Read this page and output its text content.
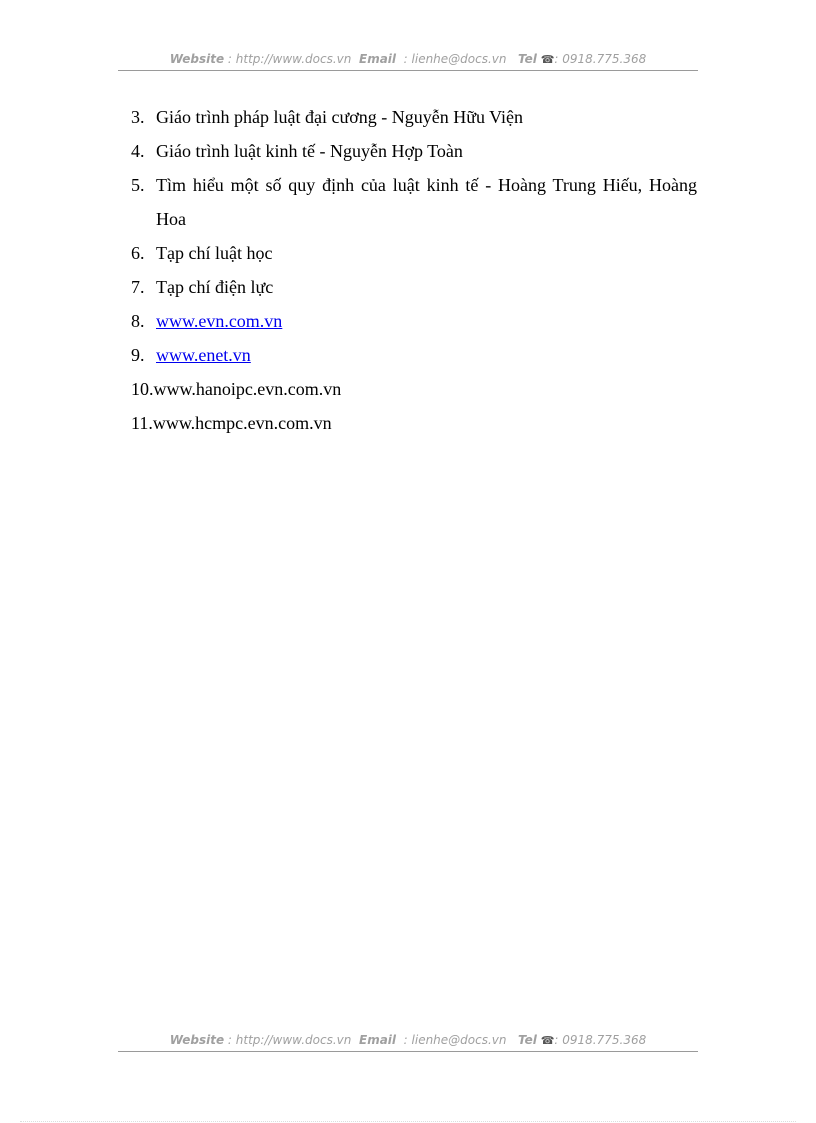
Website : http://www.docs.vn Email : lienhe@docs.vn Tel ☎: 0918.775.368
3. Giáo trình pháp luật đại cương - Nguyễn Hữu Viện
4. Giáo trình luật kinh tế - Nguyễn Hợp Toàn
5. Tìm hiểu một số quy định của luật kinh tế - Hoàng Trung Hiếu, Hoàng Hoa
6. Tạp chí luật học
7. Tạp chí điện lực
8. www.evn.com.vn
9. www.enet.vn
10.www.hanoipc.evn.com.vn
11.www.hcmpc.evn.com.vn
Website : http://www.docs.vn Email : lienhe@docs.vn Tel ☎: 0918.775.368
